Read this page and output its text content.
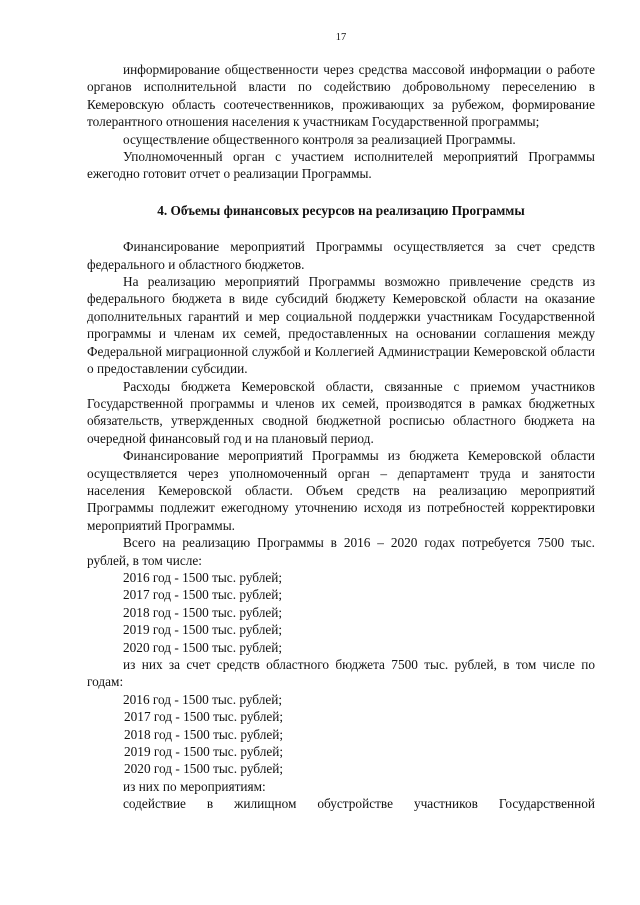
17

информирование общественности через средства массовой информации о работе органов исполнительной власти по содействию добровольному переселению в Кемеровскую область соотечественников, проживающих за рубежом, формирование толерантного отношения населения к участникам Государственной программы;

осуществление общественного контроля за реализацией Программы.

Уполномоченный орган с участием исполнителей мероприятий Программы ежегодно готовит отчет о реализации Программы.

4. Объемы финансовых ресурсов на реализацию Программы

Финансирование мероприятий Программы осуществляется за счет средств федерального и областного бюджетов.

На реализацию мероприятий Программы возможно привлечение средств из федерального бюджета в виде субсидий бюджету Кемеровской области на оказание дополнительных гарантий и мер социальной поддержки участникам Государственной программы и членам их семей, предоставленных на основании соглашения между Федеральной миграционной службой и Коллегией Администрации Кемеровской области о предоставлении субсидии.

Расходы бюджета Кемеровской области, связанные с приемом участников Государственной программы и членов их семей, производятся в рамках бюджетных обязательств, утвержденных сводной бюджетной росписью областного бюджета на очередной финансовый год и на плановый период.

Финансирование мероприятий Программы из бюджета Кемеровской области осуществляется через уполномоченный орган – департамент труда и занятости населения Кемеровской области. Объем средств на реализацию мероприятий Программы подлежит ежегодному уточнению исходя из потребностей корректировки мероприятий Программы.

Всего на реализацию Программы в 2016 – 2020 годах потребуется 7500 тыс. рублей, в том числе:

2016 год - 1500 тыс. рублей;

2017 год - 1500 тыс. рублей;

2018 год - 1500 тыс. рублей;

2019 год - 1500 тыс. рублей;

2020 год - 1500 тыс. рублей;

из них за счет средств областного бюджета 7500 тыс. рублей, в том числе по годам:

2016 год - 1500 тыс. рублей;

2017 год - 1500 тыс. рублей;

2018 год - 1500 тыс. рублей;

2019 год - 1500 тыс. рублей;

2020 год - 1500 тыс. рублей;

из них по мероприятиям:

содействие в жилищном обустройстве участников Государственной
